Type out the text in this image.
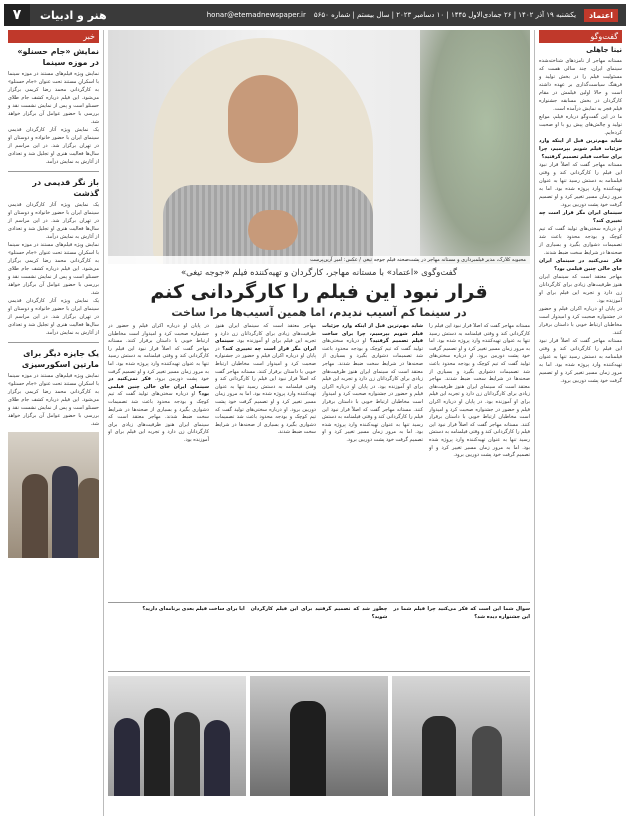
اعتماد
یکشنبه ۱۹ آذر ۱۴۰۲ | ۲۶ جمادی‌الاول ۱۴۴۵ | ۱۰ دسامبر ۲۰۲۳ | سال بیستم | شماره ۵۶۵۰
honar@etemadnewspaper.ir
هنر و ادبیات
۷
گفت‌وگو
نینا جاهلی

مستانه مهاجر از نامزدهای شناخته‌شده سینمای ایران، چند سالی هست که مسئولیت فیلم را در بخش تولید و فرهنگ سیاست‌گذاری بر عهده داشته است و حالا اولین فیلمش در مقام کارگردان در بخش مسابقه جشنواره فیلم فجر به نمایش درآمده است.

ما در این گفت‌وگو درباره فیلم، موانع تولید و چالش‌های پیش رو با او صحبت کرده‌ایم.

شاید مهم‌ترین قبل از اینکه وارد جزئیات فیلم شویم بپرسیم، چرا برای ساخت فیلم تصمیم گرفتید؟

مستانه مهاجر گفت که اصلاً قرار نبود این فیلم را کارگردانی کند و وقتی فیلمنامه به دستش رسید تنها به عنوان تهیه‌کننده وارد پروژه شده بود. اما به مرور زمان مسیر تغییر کرد و او تصمیم گرفت خود پشت دوربین برود.

سینمای ایران مگر قرار است چه تغییری کند؟

او درباره سختی‌های تولید گفت که تیم کوچک و بودجه محدود باعث شد تصمیمات دشواری بگیرد و بسیاری از صحنه‌ها در شرایط سخت ضبط شدند.

فکر نمی‌کنید در سینمای ایران جای خالی چنین فیلمی بود؟

مهاجر معتقد است که سینمای ایران هنوز ظرفیت‌های زیادی برای کارگردانان زن دارد و تجربه این فیلم برای او آموزنده بود.

در پایان او درباره اکران فیلم و حضور در جشنواره صحبت کرد و امیدوار است مخاطبان ارتباط خوبی با داستان برقرار کنند.

مستانه مهاجر گفت که اصلاً قرار نبود این فیلم را کارگردانی کند و وقتی فیلمنامه به دستش رسید تنها به عنوان تهیه‌کننده وارد پروژه شده بود. اما به مرور زمان مسیر تغییر کرد و او تصمیم گرفت خود پشت دوربین برود.

خبر
نمایش «جام حسنلو» در موزه سینما

نمایش ویژه فیلم‌های مستند در موزه سینما با اسکرانِ مستند تحت عنوان «جام حسنلو» به کارگردانی محمد رضا کریمی برگزار می‌شود. این فیلم درباره کشف جام طلای حسنلو است و پس از نمایش نشست نقد و بررسی با حضور عوامل آن برگزار خواهد شد.

یک نمایش ویژه آثار کارگردان قدیمی سینمای ایران با حضور خانواده و دوستان او در تهران برگزار شد. در این مراسم از سال‌ها فعالیت هنری او تجلیل شد و تعدادی از آثارش به نمایش درآمد.

باز نگر قدیمی در گذشت

یک نمایش ویژه آثار کارگردان قدیمی سینمای ایران با حضور خانواده و دوستان او در تهران برگزار شد. در این مراسم از سال‌ها فعالیت هنری او تجلیل شد و تعدادی از آثارش به نمایش درآمد.

نمایش ویژه فیلم‌های مستند در موزه سینما با اسکرانِ مستند تحت عنوان «جام حسنلو» به کارگردانی محمد رضا کریمی برگزار می‌شود. این فیلم درباره کشف جام طلای حسنلو است و پس از نمایش نشست نقد و بررسی با حضور عوامل آن برگزار خواهد شد.

یک نمایش ویژه آثار کارگردان قدیمی سینمای ایران با حضور خانواده و دوستان او در تهران برگزار شد. در این مراسم از سال‌ها فعالیت هنری او تجلیل شد و تعدادی از آثارش به نمایش درآمد.

یک جایزه دیگر برای مارتین اسکورسیزی

نمایش ویژه فیلم‌های مستند در موزه سینما با اسکرانِ مستند تحت عنوان «جام حسنلو» به کارگردانی محمد رضا کریمی برگزار می‌شود. این فیلم درباره کشف جام طلای حسنلو است و پس از نمایش نشست نقد و بررسی با حضور عوامل آن برگزار خواهد شد.

محبوبه کلارک، مدیر فیلمبرداری و مستانه مهاجر در پشت‌صحنه فیلم جوجه تیغی / عکس: امیر آرین‌پرست
گفت‌وگوی «اعتماد» با مستانه مهاجر، کارگردان و تهیه‌کننده فیلم «جوجه تیغی»
قرار نبود این فیلم را کارگردانی کنم
در سینما کم آسیب ندیدم، اما همین آسیب‌ها مرا ساخت
مستانه مهاجر گفت که اصلاً قرار نبود این فیلم را کارگردانی کند و وقتی فیلمنامه به دستش رسید تنها به عنوان تهیه‌کننده وارد پروژه شده بود. اما به مرور زمان مسیر تغییر کرد و او تصمیم گرفت خود پشت دوربین برود. او درباره سختی‌های تولید گفت که تیم کوچک و بودجه محدود باعث شد تصمیمات دشواری بگیرد و بسیاری از صحنه‌ها در شرایط سخت ضبط شدند. مهاجر معتقد است که سینمای ایران هنوز ظرفیت‌های زیادی برای کارگردانان زن دارد و تجربه این فیلم برای او آموزنده بود. در پایان او درباره اکران فیلم و حضور در جشنواره صحبت کرد و امیدوار است مخاطبان ارتباط خوبی با داستان برقرار کنند. مستانه مهاجر گفت که اصلاً قرار نبود این فیلم را کارگردانی کند و وقتی فیلمنامه به دستش رسید تنها به عنوان تهیه‌کننده وارد پروژه شده بود. اما به مرور زمان مسیر تغییر کرد و او تصمیم گرفت خود پشت دوربین برود.
شاید مهم‌ترین قبل از اینکه وارد جزئیات فیلم شویم بپرسیم، چرا برای ساخت فیلم تصمیم گرفتید؟ او درباره سختی‌های تولید گفت که تیم کوچک و بودجه محدود باعث شد تصمیمات دشواری بگیرد و بسیاری از صحنه‌ها در شرایط سخت ضبط شدند. مهاجر معتقد است که سینمای ایران هنوز ظرفیت‌های زیادی برای کارگردانان زن دارد و تجربه این فیلم برای او آموزنده بود. در پایان او درباره اکران فیلم و حضور در جشنواره صحبت کرد و امیدوار است مخاطبان ارتباط خوبی با داستان برقرار کنند. مستانه مهاجر گفت که اصلاً قرار نبود این فیلم را کارگردانی کند و وقتی فیلمنامه به دستش رسید تنها به عنوان تهیه‌کننده وارد پروژه شده بود. اما به مرور زمان مسیر تغییر کرد و او تصمیم گرفت خود پشت دوربین برود.
مهاجر معتقد است که سینمای ایران هنوز ظرفیت‌های زیادی برای کارگردانان زن دارد و تجربه این فیلم برای او آموزنده بود. سینمای ایران مگر قرار است چه تغییری کند؟ در پایان او درباره اکران فیلم و حضور در جشنواره صحبت کرد و امیدوار است مخاطبان ارتباط خوبی با داستان برقرار کنند. مستانه مهاجر گفت که اصلاً قرار نبود این فیلم را کارگردانی کند و وقتی فیلمنامه به دستش رسید تنها به عنوان تهیه‌کننده وارد پروژه شده بود. اما به مرور زمان مسیر تغییر کرد و او تصمیم گرفت خود پشت دوربین برود. او درباره سختی‌های تولید گفت که تیم کوچک و بودجه محدود باعث شد تصمیمات دشواری بگیرد و بسیاری از صحنه‌ها در شرایط سخت ضبط شدند.
در پایان او درباره اکران فیلم و حضور در جشنواره صحبت کرد و امیدوار است مخاطبان ارتباط خوبی با داستان برقرار کنند. مستانه مهاجر گفت که اصلاً قرار نبود این فیلم را کارگردانی کند و وقتی فیلمنامه به دستش رسید تنها به عنوان تهیه‌کننده وارد پروژه شده بود. اما به مرور زمان مسیر تغییر کرد و او تصمیم گرفت خود پشت دوربین برود. فکر نمی‌کنید در سینمای ایران جای خالی چنین فیلمی بود؟ او درباره سختی‌های تولید گفت که تیم کوچک و بودجه محدود باعث شد تصمیمات دشواری بگیرد و بسیاری از صحنه‌ها در شرایط سخت ضبط شدند. مهاجر معتقد است که سینمای ایران هنوز ظرفیت‌های زیادی برای کارگردانان زن دارد و تجربه این فیلم برای او آموزنده بود.
سوال شما این است که فکر می‌کنید چرا فیلم شما در این جشنواره دیده شد؟
چطور شد که تصمیم گرفتید برای این فیلم کارگردان شوید؟
آیا برای ساخت فیلم بعدی برنامه‌ای دارید؟
